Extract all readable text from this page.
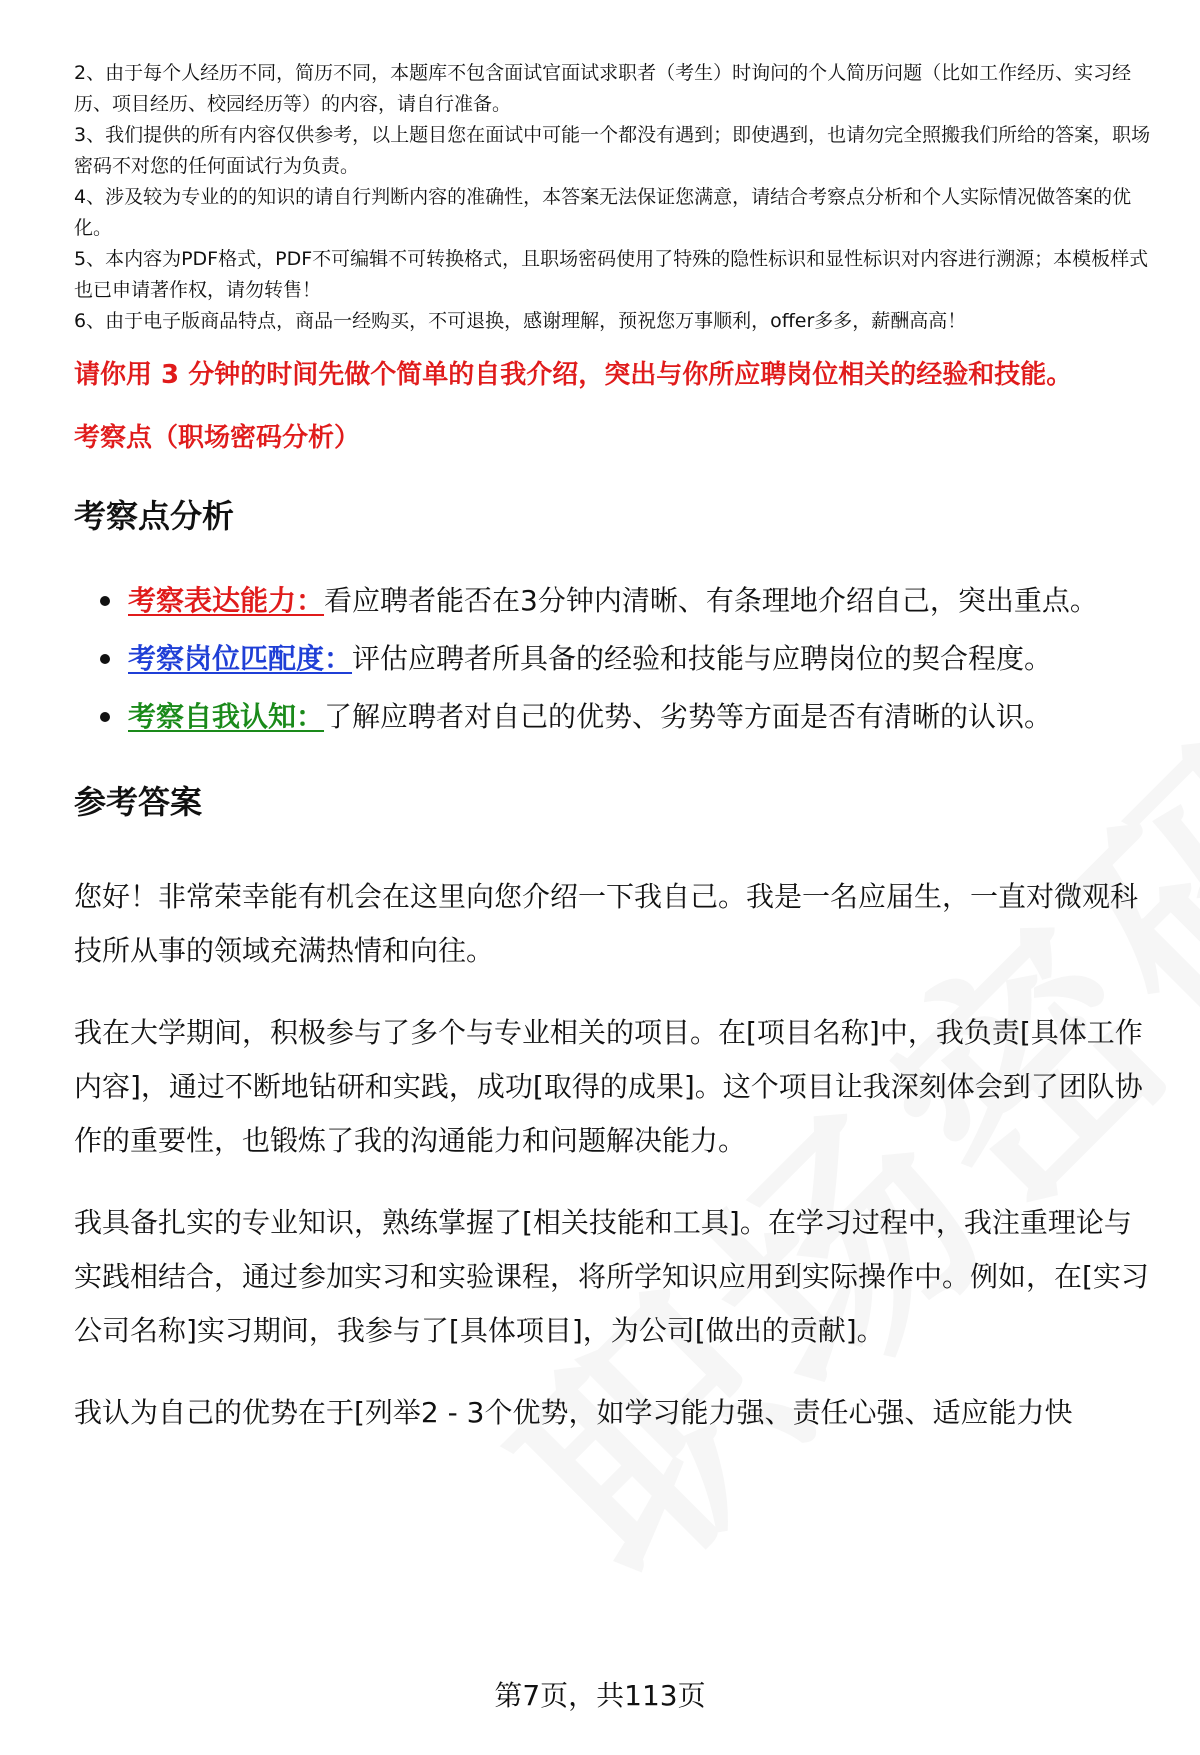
2、由于每个人经历不同，简历不同，本题库不包含面试官面试求职者（考生）时询问的个人简历问题（比如工作经历、实习经历、项目经历、校园经历等）的内容，请自行准备。
3、我们提供的所有内容仅供参考，以上题目您在面试中可能一个都没有遇到；即使遇到，也请勿完全照搬我们所给的答案，职场密码不对您的任何面试行为负责。
4、涉及较为专业的的知识的请自行判断内容的准确性，本答案无法保证您满意，请结合考察点分析和个人实际情况做答案的优化。
5、本内容为PDF格式，PDF不可编辑不可转换格式，且职场密码使用了特殊的隐性标识和显性标识对内容进行溯源；本模板样式也已申请著作权，请勿转售！
6、由于电子版商品特点，商品一经购买，不可退换，感谢理解，预祝您万事顺利，offer多多，薪酬高高！
请你用 3 分钟的时间先做个简单的自我介绍，突出与你所应聘岗位相关的经验和技能。
考察点（职场密码分析）
考察点分析
考察表达能力：看应聘者能否在3分钟内清晰、有条理地介绍自己，突出重点。
考察岗位匹配度：评估应聘者所具备的经验和技能与应聘岗位的契合程度。
考察自我认知：了解应聘者对自己的优势、劣势等方面是否有清晰的认识。
参考答案

您好！非常荣幸能有机会在这里向您介绍一下我自己。我是一名应届生，一直对微观科技所从事的领域充满热情和向往。

我在大学期间，积极参与了多个与专业相关的项目。在[项目名称]中，我负责[具体工作内容]，通过不断地钻研和实践，成功[取得的成果]。这个项目让我深刻体会到了团队协作的重要性，也锻炼了我的沟通能力和问题解决能力。

我具备扎实的专业知识，熟练掌握了[相关技能和工具]。在学习过程中，我注重理论与实践相结合，通过参加实习和实验课程，将所学知识应用到实际操作中。例如，在[实习公司名称]实习期间，我参与了[具体项目]，为公司[做出的贡献]。

我认为自己的优势在于[列举2 - 3个优势，如学习能力强、责任心强、适应能力快

第7页，共113页
